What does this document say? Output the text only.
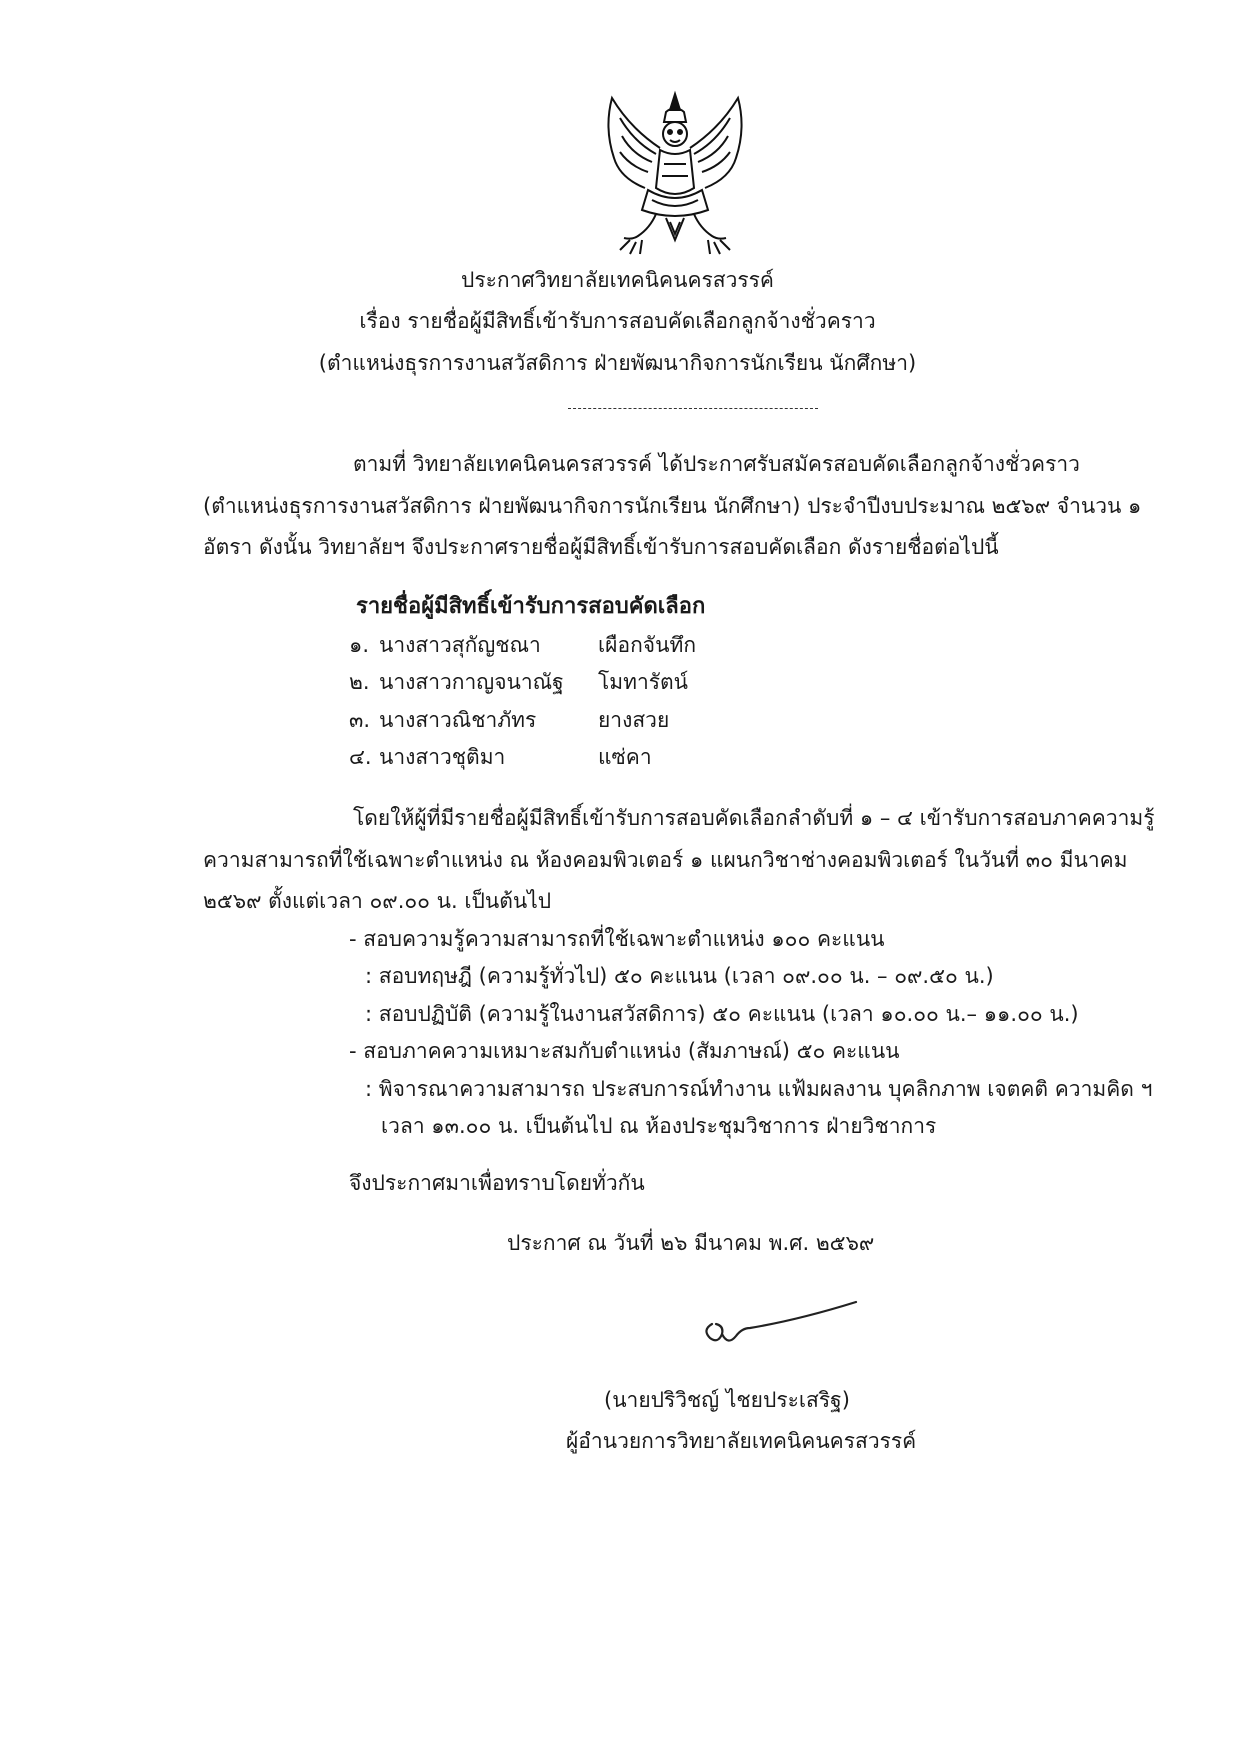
ประกาศวิทยาลัยเทคนิคนครสวรรค์
เรื่อง รายชื่อผู้มีสิทธิ์เข้ารับการสอบคัดเลือกลูกจ้างชั่วคราว
(ตำแหน่งธุรการงานสวัสดิการ ฝ่ายพัฒนากิจการนักเรียน นักศึกษา)
ตามที่ วิทยาลัยเทคนิคนครสวรรค์ ได้ประกาศรับสมัครสอบคัดเลือกลูกจ้างชั่วคราว
(ตำแหน่งธุรการงานสวัสดิการ ฝ่ายพัฒนากิจการนักเรียน นักศึกษา) ประจำปีงบประมาณ ๒๕๖๙ จำนวน ๑
อัตรา ดังนั้น วิทยาลัยฯ จึงประกาศรายชื่อผู้มีสิทธิ์เข้ารับการสอบคัดเลือก ดังรายชื่อต่อไปนี้
รายชื่อผู้มีสิทธิ์เข้ารับการสอบคัดเลือก
๑. นางสาวสุกัญชณา	เผือกจันทึก
๒. นางสาวกาญจนาณัฐ โมทารัตน์
๓. นางสาวณิชาภัทร	ยางสวย
๔. นางสาวชุติมา	แซ่คา
โดยให้ผู้ที่มีรายชื่อผู้มีสิทธิ์เข้ารับการสอบคัดเลือกลำดับที่ ๑ – ๔ เข้ารับการสอบภาคความรู้
ความสามารถที่ใช้เฉพาะตำแหน่ง ณ ห้องคอมพิวเตอร์ ๑ แผนกวิชาช่างคอมพิวเตอร์ ในวันที่ ๓๐ มีนาคม
๒๕๖๙ ตั้งแต่เวลา ๐๙.๐๐ น. เป็นต้นไป
- สอบความรู้ความสามารถที่ใช้เฉพาะตำแหน่ง ๑๐๐ คะแนน
: สอบทฤษฎี (ความรู้ทั่วไป) ๕๐ คะแนน (เวลา ๐๙.๐๐ น. – ๐๙.๕๐ น.)
: สอบปฏิบัติ (ความรู้ในงานสวัสดิการ) ๕๐ คะแนน (เวลา ๑๐.๐๐ น.– ๑๑.๐๐ น.)
- สอบภาคความเหมาะสมกับตำแหน่ง (สัมภาษณ์) ๕๐ คะแนน
: พิจารณาความสามารถ ประสบการณ์ทำงาน แฟ้มผลงาน บุคลิกภาพ เจตคติ ความคิด ฯ
เวลา ๑๓.๐๐ น. เป็นต้นไป ณ ห้องประชุมวิชาการ ฝ่ายวิชาการ
จึงประกาศมาเพื่อทราบโดยทั่วกัน
ประกาศ ณ วันที่ ๒๖ มีนาคม พ.ศ. ๒๕๖๙
(นายปริวิชญ์ ไชยประเสริฐ)
ผู้อำนวยการวิทยาลัยเทคนิคนครสวรรค์
